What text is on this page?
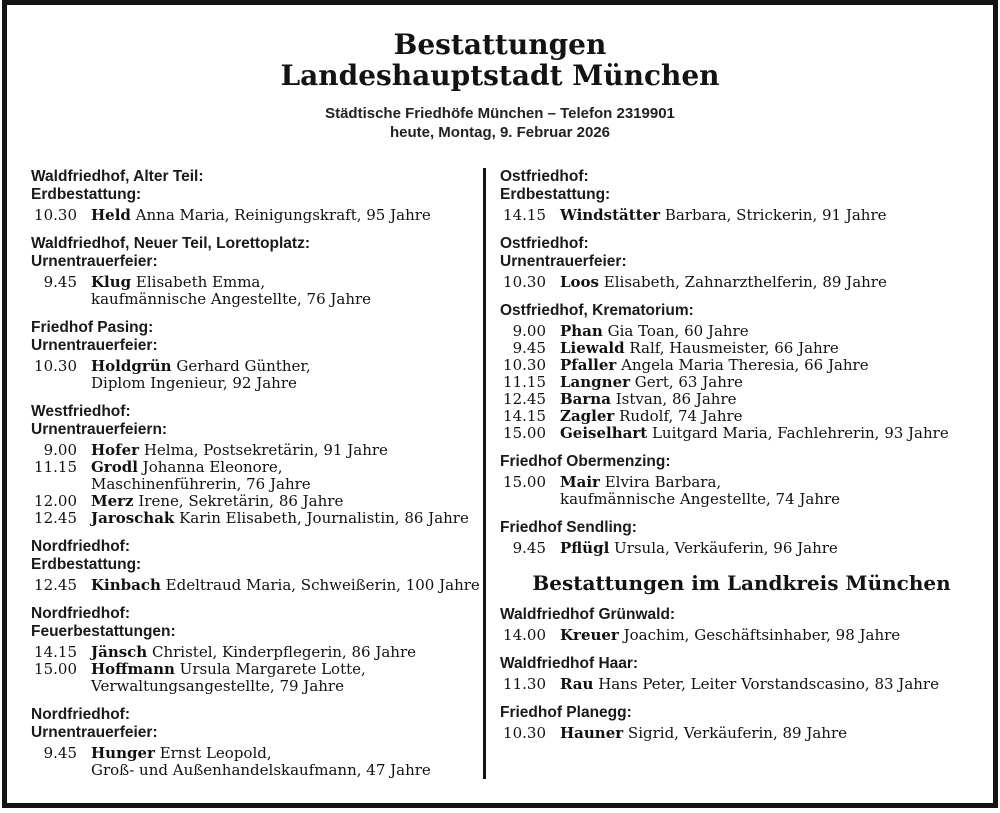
Bestattungen
Landeshauptstadt München
Städtische Friedhöfe München – Telefon 2319901
heute, Montag, 9. Februar 2026
Waldfriedhof, Alter Teil:
Erdbestattung:
10.30 Held Anna Maria, Reinigungskraft, 95 Jahre
Waldfriedhof, Neuer Teil, Lorettoplatz:
Urnentrauerfeier:
9.45 Klug Elisabeth Emma,
kaufmännische Angestellte, 76 Jahre
Friedhof Pasing:
Urnentrauerfeier:
10.30 Holdgrün Gerhard Günther,
Diplom Ingenieur, 92 Jahre
Westfriedhof:
Urnentrauerfeiern:
9.00 Hofer Helma, Postsekretärin, 91 Jahre
11.15 Grodl Johanna Eleonore,
Maschinenführerin, 76 Jahre
12.00 Merz Irene, Sekretärin, 86 Jahre
12.45 Jaroschak Karin Elisabeth, Journalistin, 86 Jahre
Nordfriedhof:
Erdbestattung:
12.45 Kinbach Edeltraud Maria, Schweißerin, 100 Jahre
Nordfriedhof:
Feuerbestattungen:
14.15 Jänsch Christel, Kinderpflegerin, 86 Jahre
15.00 Hoffmann Ursula Margarete Lotte,
Verwaltungsangestellte, 79 Jahre
Nordfriedhof:
Urnentrauerfeier:
9.45 Hunger Ernst Leopold,
Groß- und Außenhandelskaufmann, 47 Jahre
Ostfriedhof:
Erdbestattung:
14.15 Windstätter Barbara, Strickerin, 91 Jahre
Ostfriedhof:
Urnentrauerfeier:
10.30 Loos Elisabeth, Zahnarzthelferin, 89 Jahre
Ostfriedhof, Krematorium:
9.00 Phan Gia Toan, 60 Jahre
9.45 Liewald Ralf, Hausmeister, 66 Jahre
10.30 Pfaller Angela Maria Theresia, 66 Jahre
11.15 Langner Gert, 63 Jahre
12.45 Barna Istvan, 86 Jahre
14.15 Zagler Rudolf, 74 Jahre
15.00 Geiselhart Luitgard Maria, Fachlehrerin, 93 Jahre
Friedhof Obermenzing:
15.00 Mair Elvira Barbara,
kaufmännische Angestellte, 74 Jahre
Friedhof Sendling:
9.45 Pflügl Ursula, Verkäuferin, 96 Jahre
Bestattungen im Landkreis München
Waldfriedhof Grünwald:
14.00 Kreuer Joachim, Geschäftsinhaber, 98 Jahre
Waldfriedhof Haar:
11.30 Rau Hans Peter, Leiter Vorstandscasino, 83 Jahre
Friedhof Planegg:
10.30 Hauner Sigrid, Verkäuferin, 89 Jahre
